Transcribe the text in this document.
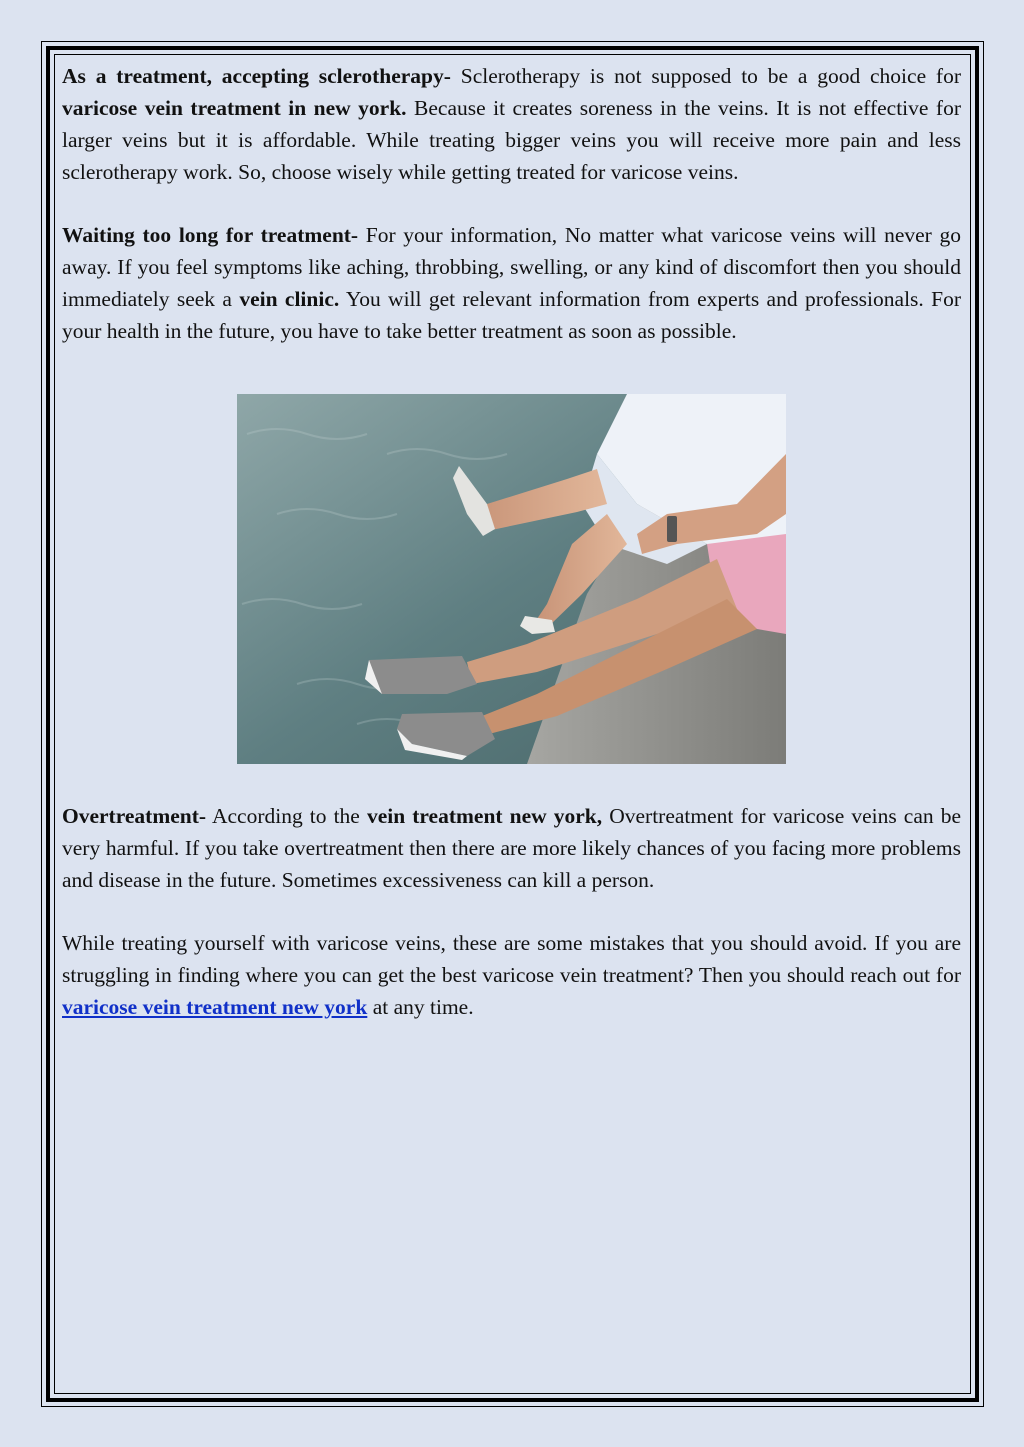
As a treatment, accepting sclerotherapy- Sclerotherapy is not supposed to be a good choice for varicose vein treatment in new york. Because it creates soreness in the veins. It is not effective for larger veins but it is affordable. While treating bigger veins you will receive more pain and less sclerotherapy work. So, choose wisely while getting treated for varicose veins.

Waiting too long for treatment- For your information, No matter what varicose veins will never go away. If you feel symptoms like aching, throbbing, swelling, or any kind of discomfort then you should immediately seek a vein clinic. You will get relevant information from experts and professionals. For your health in the future, you have to take better treatment as soon as possible.

Overtreatment- According to the vein treatment new york, Overtreatment for varicose veins can be very harmful. If you take overtreatment then there are more likely chances of you facing more problems and disease in the future. Sometimes excessiveness can kill a person.

While treating yourself with varicose veins, these are some mistakes that you should avoid. If you are struggling in finding where you can get the best varicose vein treatment? Then you should reach out for varicose vein treatment new york at any time.
